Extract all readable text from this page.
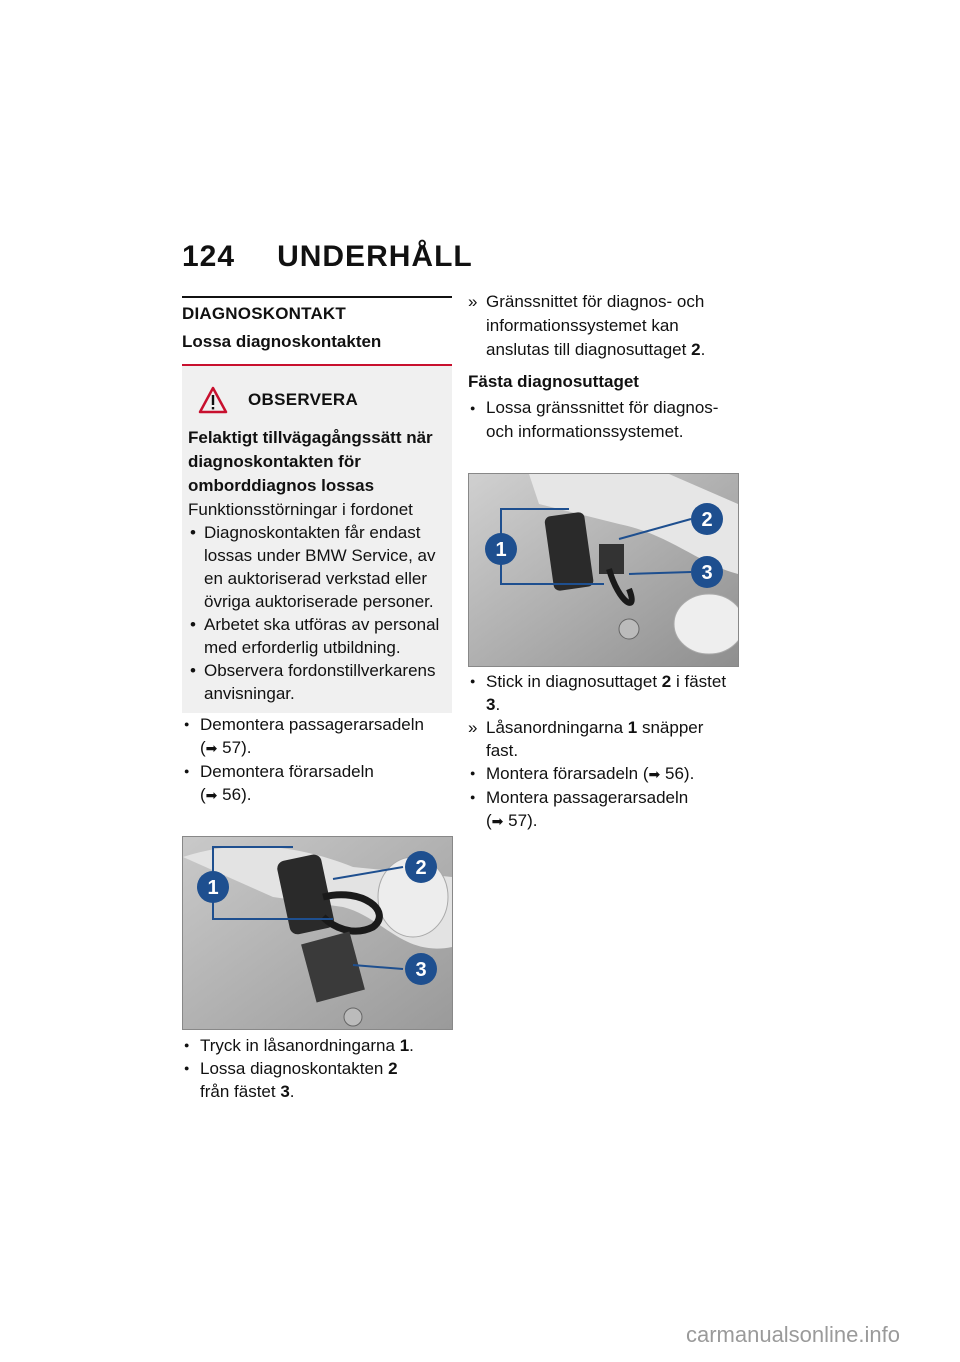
124 UNDERHÅLL
DIAGNOSKONTAKT
Lossa diagnoskontakten
OBSERVERA
Felaktigt tillvägagångssätt när diagnoskontakten för omborddiagnos lossas
Funktionsstörningar i fordonet
• Diagnoskontakten får endast lossas under BMW Service, av en auktoriserad verkstad eller övriga auktoriserade personer.
• Arbetet ska utföras av personal med erforderlig utbildning.
• Observera fordonstillverkarens anvisningar.
● Demontera passagerarsadeln
(➡ 57).
● Demontera förarsadeln
(➡ 56).
1
2
3
● Tryck in låsanordningarna 1.
● Lossa diagnoskontakten 2
från fästet 3.
» Gränssnittet för diagnos- och informationssystemet kan anslutas till diagnosuttaget 2.
Fästa diagnosuttaget
● Lossa gränssnittet för diagnos- och informationssystemet.
1
2
3
● Stick in diagnosuttaget 2 i fästet 3.
» Låsanordningarna 1 snäpper fast.
● Montera förarsadeln (➡ 56).
● Montera passagerarsadeln
(➡ 57).
carmanualsonline.info
